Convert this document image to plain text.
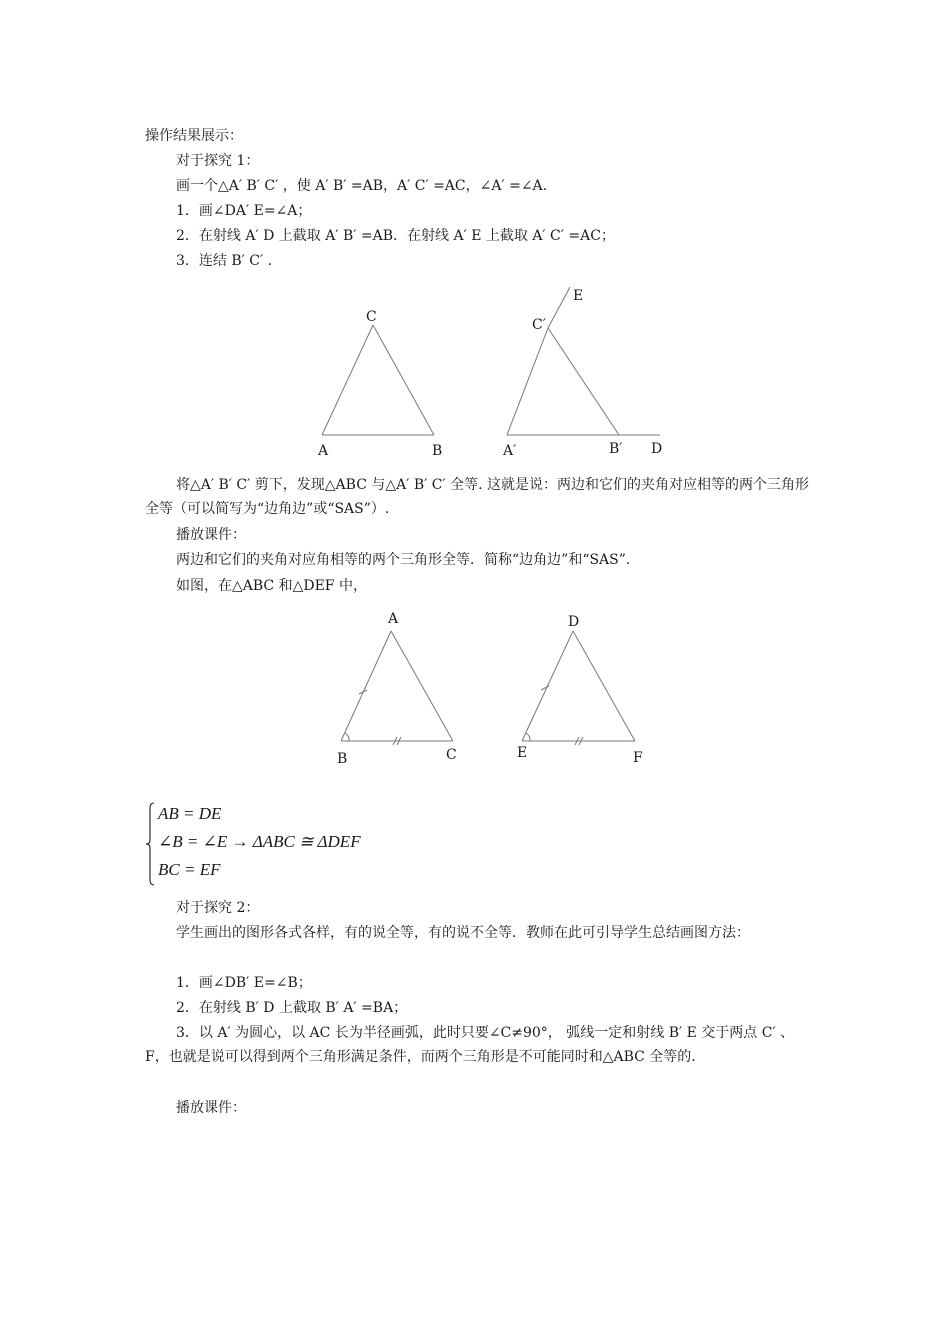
操作结果展示：
对于探究 1：
画一个△A′ B′ C′ ，使 A′ B′ =AB，A′ C′ =AC，∠A′ =∠A.
1．画∠DA′ E=∠A；
2．在射线 A′ D 上截取 A′ B′ =AB．在射线 A′ E 上截取 A′ C′ =AC；
3．连结 B′ C′ .
C
A	B
E
C′
A′	B′ D
将△A′ B′ C′ 剪下，发现△ABC 与△A′ B′ C′ 全等. 这就是说：两边和它们的夹角对应相等的两个三角形全等（可以简写为“边角边”或“SAS”）.
播放课件：
两边和它们的夹角对应角相等的两个三角形全等．简称“边角边”和“SAS”．
如图，在△ABC 和△DEF 中，
A
B	C
D
E	F
AB = DE
∠B = ∠E → ΔABC ≅ ΔDEF
BC = EF
对于探究 2：
学生画出的图形各式各样，有的说全等，有的说不全等．教师在此可引导学生总结画图方法：
1．画∠DB′ E=∠B；
2．在射线 B′ D 上截取 B′ A′ =BA；
3．以 A′ 为圆心，以 AC 长为半径画弧，此时只要∠C≠90°， 弧线一定和射线 B′ E 交于两点 C′ 、F，也就是说可以得到两个三角形满足条件，而两个三角形是不可能同时和△ABC 全等的.
播放课件：
